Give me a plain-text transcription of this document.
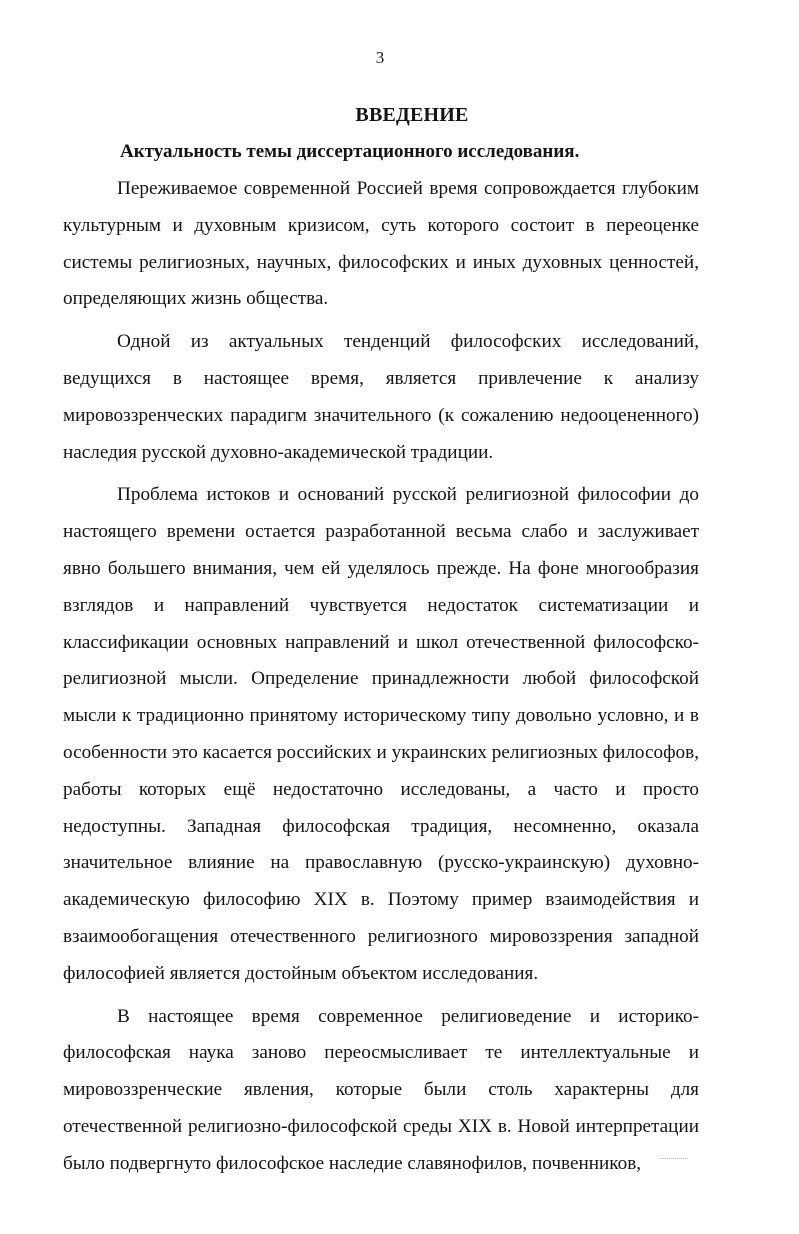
3
ВВЕДЕНИЕ
Актуальность темы диссертационного исследования.

Переживаемое современной Россией время сопровождается глубоким культурным и духовным кризисом, суть которого состоит в переоценке системы религиозных, научных, философских и иных духовных ценностей, определяющих жизнь общества.

Одной из актуальных тенденций философских исследований, ведущихся в настоящее время, является привлечение к анализу мировоззренческих парадигм значительного (к сожалению недооцененного) наследия русской духовно-академической традиции.

Проблема истоков и оснований русской религиозной философии до настоящего времени остается разработанной весьма слабо и заслуживает явно большего внимания, чем ей уделялось прежде. На фоне многообразия взглядов и направлений чувствуется недостаток систематизации и классификации основных направлений и школ отечественной философско-религиозной мысли. Определение принадлежности любой философской мысли к традиционно принятому историческому типу довольно условно, и в особенности это касается российских и украинских религиозных философов, работы которых ещё недостаточно исследованы, а часто и просто недоступны. Западная философская традиция, несомненно, оказала значительное влияние на православную (русско-украинскую) духовно-академическую философию XIX в. Поэтому пример взаимодействия и взаимообогащения отечественного религиозного мировоззрения западной философией является достойным объектом исследования.

В настоящее время современное религиоведение и историко-философская наука заново переосмысливает те интеллектуальные и мировоззренческие явления, которые были столь характерны для отечественной религиозно-философской среды XIX в. Новой интерпретации было подвергнуто философское наследие славянофилов, почвенников,
